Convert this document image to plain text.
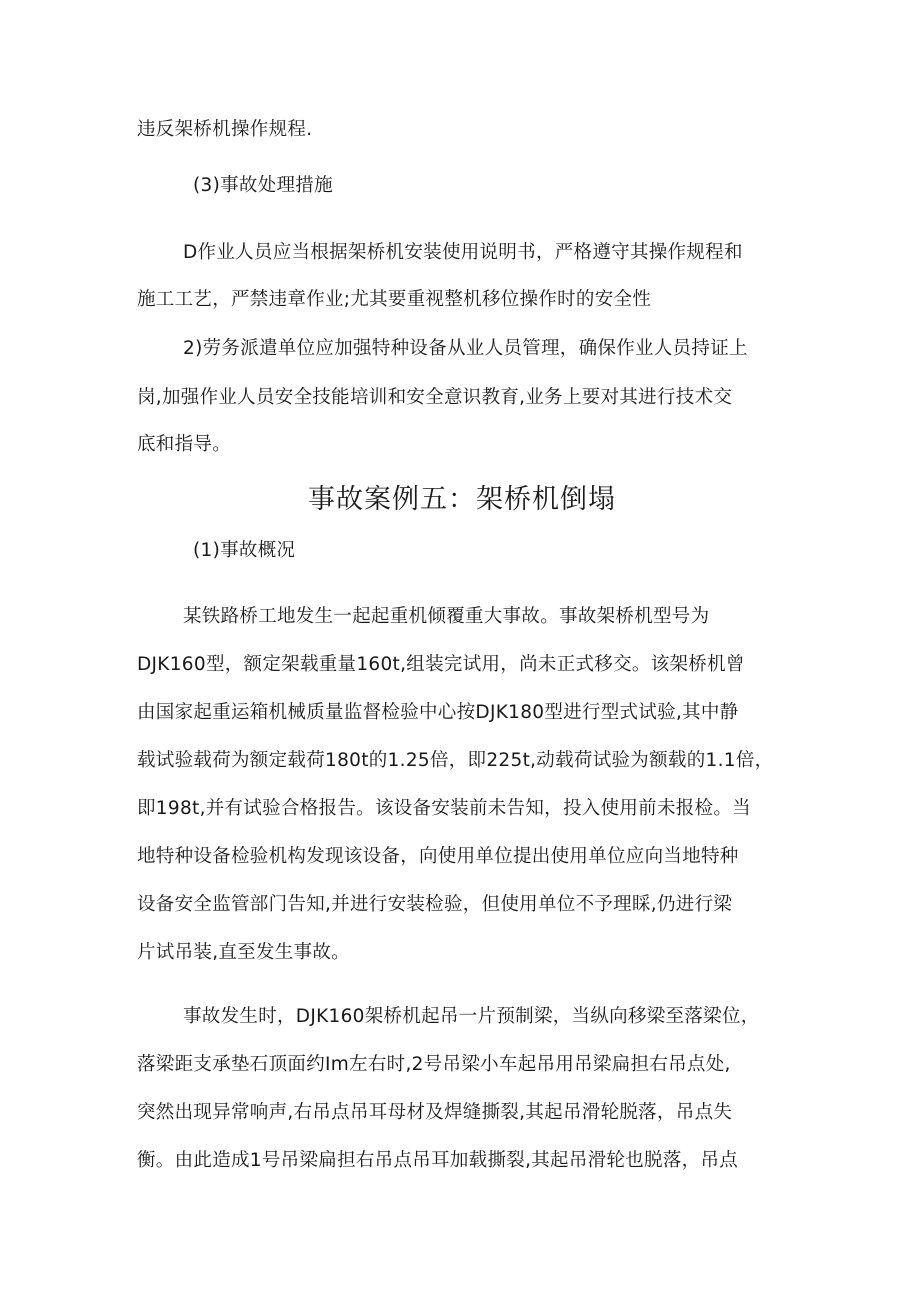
违反架桥机操作规程.
(3)事故处理措施
D作业人员应当根据架桥机安装使用说明书，严格遵守其操作规程和
施工工艺，严禁违章作业;尤其要重视整机移位操作时的安全性
2)劳务派遣单位应加强特种设备从业人员管理，确保作业人员持证上
岗,加强作业人员安全技能培训和安全意识教育,业务上要对其进行技术交
底和指导。
事故案例五：架桥机倒塌
(1)事故概况
某铁路桥工地发生一起起重机倾覆重大事故。事故架桥机型号为
DJK160型，额定架载重量160t,组装完试用，尚未正式移交。该架桥机曾
由国家起重运箱机械质量监督检验中心按DJK180型进行型式试验,其中静
载试验载荷为额定载荷180t的1.25倍，即225t,动载荷试验为额载的1.1倍，
即198t,并有试验合格报告。该设备安装前未告知，投入使用前未报检。当
地特种设备检验机构发现该设备，向使用单位提出使用单位应向当地特种
设备安全监管部门告知,并进行安装检验，但使用单位不予理睬,仍进行梁
片试吊装,直至发生事故。
事故发生时，DJK160架桥机起吊一片预制梁，当纵向移梁至落梁位，
落梁距支承垫石顶面约Im左右时,2号吊梁小车起吊用吊梁扁担右吊点处,
突然出现异常响声,右吊点吊耳母材及焊缝撕裂,其起吊滑轮脱落，吊点失
衡。由此造成1号吊梁扁担右吊点吊耳加载撕裂,其起吊滑轮也脱落，吊点
